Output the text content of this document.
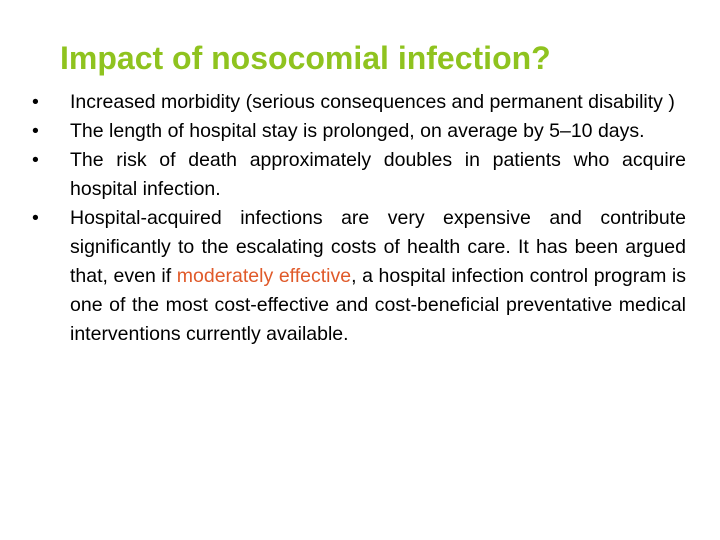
Impact of nosocomial infection?
•	Increased morbidity (serious consequences and permanent disability )
•	The length of hospital stay is prolonged, on average by 5–10 days.
•	The risk of death approximately doubles in patients who acquire hospital infection.
•	Hospital-acquired infections are very expensive and contribute significantly to the escalating costs of health care. It has been argued that, even if moderately effective, a hospital infection control program is one of the most cost-effective and cost-beneficial preventative medical interventions currently available.
